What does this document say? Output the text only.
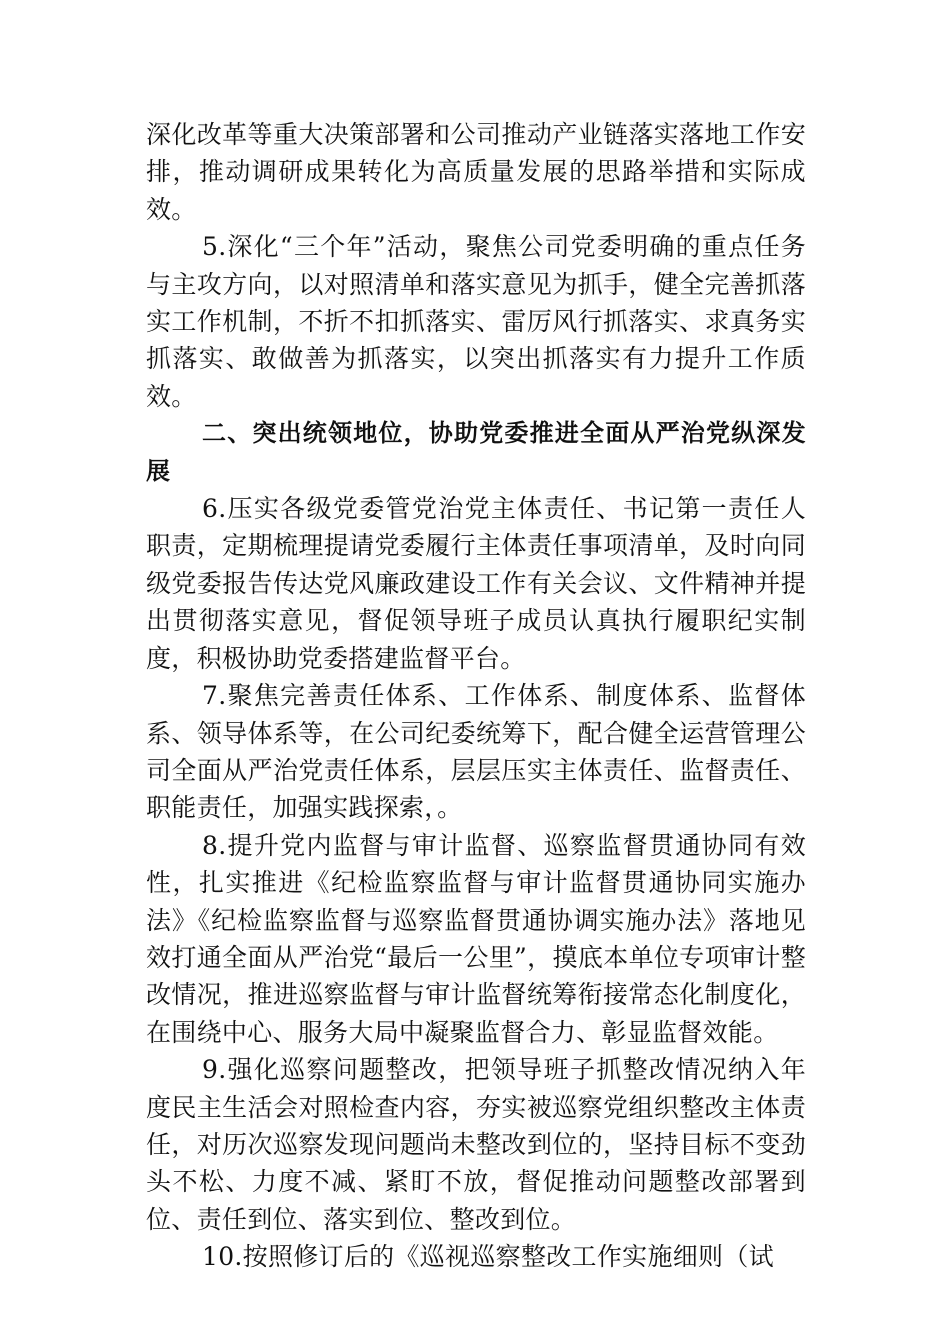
深化改革等重大决策部署和公司推动产业链落实落地工作安排，推动调研成果转化为高质量发展的思路举措和实际成效。

5.深化“三个年”活动，聚焦公司党委明确的重点任务与主攻方向，以对照清单和落实意见为抓手，健全完善抓落实工作机制，不折不扣抓落实、雷厉风行抓落实、求真务实抓落实、敢做善为抓落实，以突出抓落实有力提升工作质效。

二、突出统领地位，协助党委推进全面从严治党纵深发展

6.压实各级党委管党治党主体责任、书记第一责任人职责，定期梳理提请党委履行主体责任事项清单，及时向同级党委报告传达党风廉政建设工作有关会议、文件精神并提出贯彻落实意见，督促领导班子成员认真执行履职纪实制度，积极协助党委搭建监督平台。

7.聚焦完善责任体系、工作体系、制度体系、监督体系、领导体系等，在公司纪委统筹下，配合健全运营管理公司全面从严治党责任体系，层层压实主体责任、监督责任、职能责任，加强实践探索，。

8.提升党内监督与审计监督、巡察监督贯通协同有效性，扎实推进《纪检监察监督与审计监督贯通协同实施办法》《纪检监察监督与巡察监督贯通协调实施办法》落地见效打通全面从严治党“最后一公里”，摸底本单位专项审计整改情况，推进巡察监督与审计监督统筹衔接常态化制度化，在围绕中心、服务大局中凝聚监督合力、彰显监督效能。

9.强化巡察问题整改，把领导班子抓整改情况纳入年度民主生活会对照检查内容，夯实被巡察党组织整改主体责任，对历次巡察发现问题尚未整改到位的，坚持目标不变劲头不松、力度不减、紧盯不放，督促推动问题整改部署到位、责任到位、落实到位、整改到位。

10.按照修订后的《巡视巡察整改工作实施细则（试
